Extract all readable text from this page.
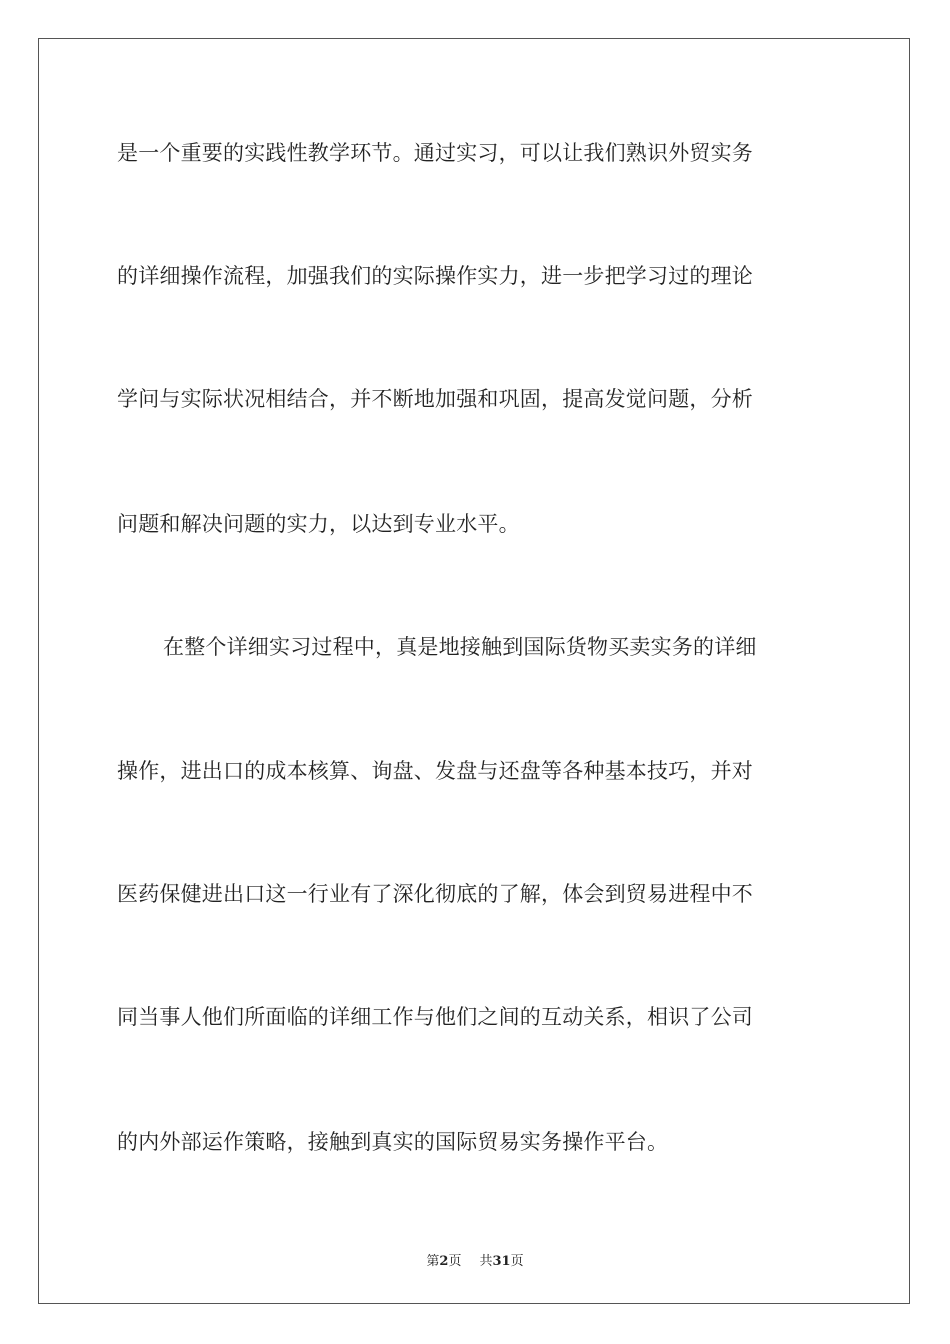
是一个重要的实践性教学环节。通过实习，可以让我们熟识外贸实务
的详细操作流程，加强我们的实际操作实力，进一步把学习过的理论
学问与实际状况相结合，并不断地加强和巩固，提高发觉问题，分析
问题和解决问题的实力，以达到专业水平。
在整个详细实习过程中，真是地接触到国际货物买卖实务的详细
操作，进出口的成本核算、询盘、发盘与还盘等各种基本技巧，并对
医药保健进出口这一行业有了深化彻底的了解，体会到贸易进程中不
同当事人他们所面临的详细工作与他们之间的互动关系，相识了公司
的内外部运作策略，接触到真实的国际贸易实务操作平台。
第2页 共31页
